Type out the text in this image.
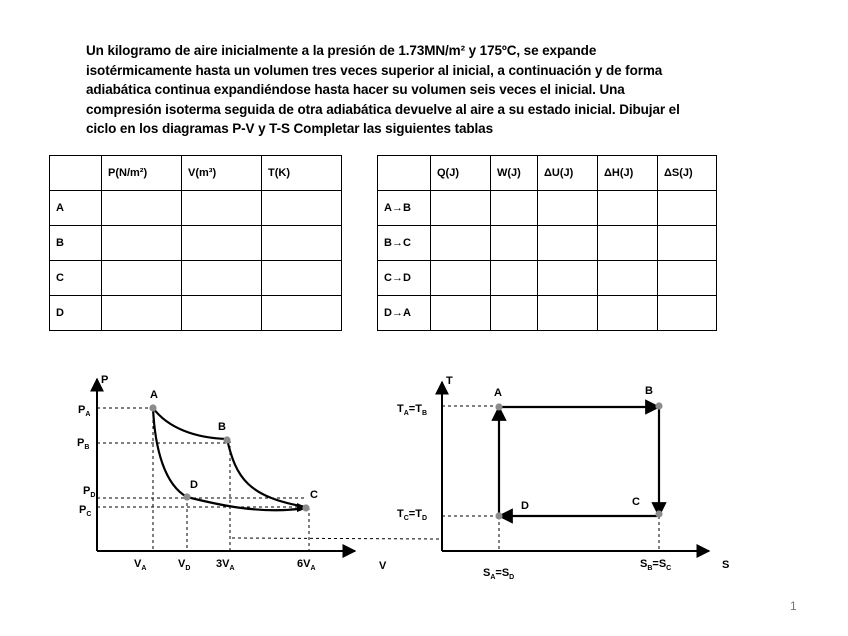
Un kilogramo de aire inicialmente a la presión de 1.73MN/m² y 175ºC, se expande
isotérmicamente hasta un volumen tres veces superior al inicial, a continuación y de forma
adiabática continua expandiéndose hasta hacer su volumen seis veces el inicial. Una
compresión isoterma seguida de otra adiabática devuelve al aire a su estado inicial. Dibujar el
ciclo en los diagramas P-V y T-S Completar las siguientes tablas
	P(N/m²)	V(m³)	T(K)
A			
B			
C			
D			
	Q(J)	W(J)	ΔU(J)	ΔH(J)	ΔS(J)
A→B					
B→C					
C→D					
D→A					
P
V
A
B
C
D
$P_A$
$P_B$
$P_D$
$P_C$
$V_A$	$V_D$ $3V_A$	$6V_A$
T
S
A	B
C
D
$T_A=T_B$
$T_C=T_D$
$S_A=S_D$
$S_B=S_C$
1
